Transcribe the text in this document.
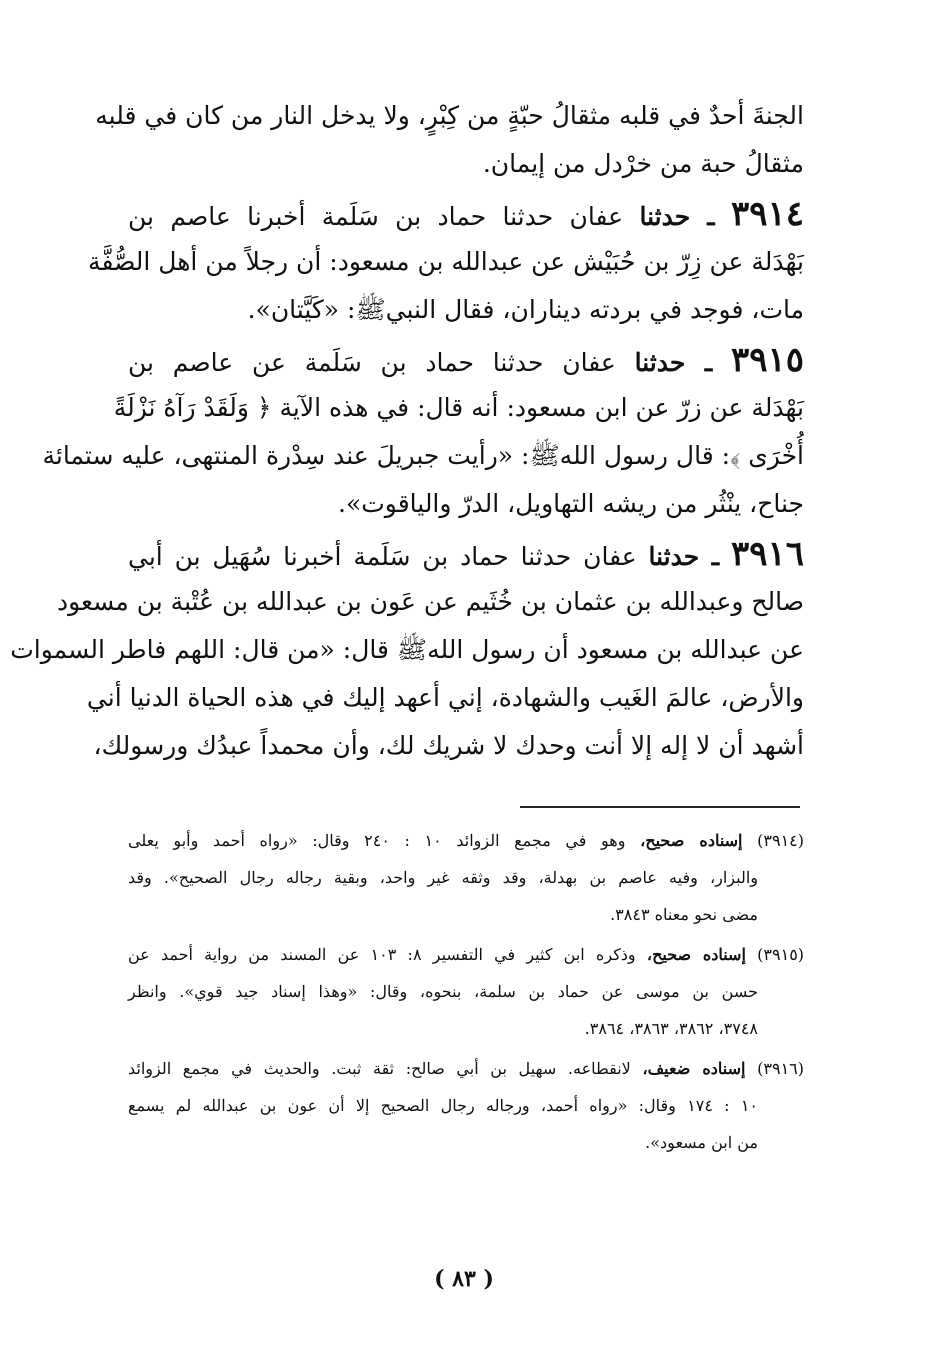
الجنةَ أحدٌ في قلبه مثقالُ حبّةٍ من كِبْرٍ، ولا يدخل النار من كان في قلبه
مثقالُ حبة من خرْدل من إيمان.
٣٩١٤ ـ حدثنا عفان حدثنا حماد بن سَلَمة أخبرنا عاصم بن
بَهْدَلة عن زِرّ بن حُبَيْش عن عبدالله بن مسعود: أن رجلاً من أهل الصُّفَّة
مات، فوجد في بردته ديناران، فقال النبيﷺ: «كَيَّتان».
٣٩١٥ ـ حدثنا عفان حدثنا حماد بن سَلَمة عن عاصم بن
بَهْدَلة عن زرّ عن ابن مسعود: أنه قال: في هذه الآية ﴿ وَلَقَدْ رَآهُ نَزْلَةً
أُخْرَى ﴾: قال رسول اللهﷺ: «رأيت جبريلَ عند سِدْرة المنتهى، عليه ستمائة
جناح، ينْثُر من ريشه التهاويل، الدرّ والياقوت».
٣٩١٦ ـ حدثنا عفان حدثنا حماد بن سَلَمة أخبرنا سُهَيل بن أبي
صالح وعبدالله بن عثمان بن خُثَيم عن عَون بن عبدالله بن عُتْبة بن مسعود
عن عبدالله بن مسعود أن رسول اللهﷺ قال: «من قال: اللهم فاطر السموات
والأرض، عالمَ الغَيب والشهادة، إني أعهد إليك في هذه الحياة الدنيا أني
أشهد أن لا إله إلا أنت وحدك لا شريك لك، وأن محمداً عبدُك ورسولك،
(٣٩١٤) إسناده صحيح، وهو في مجمع الزوائد ١٠ : ٢٤٠ وقال: «رواه أحمد وأبو يعلى
والبزار، وفيه عاصم بن بهدلة، وقد وثقه غير واحد، وبقية رجاله رجال الصحيح». وقد
مضى نحو معناه ٣٨٤٣.
(٣٩١٥) إسناده صحيح، وذكره ابن كثير في التفسير ٨: ١٠٣ عن المسند من رواية أحمد عن
حسن بن موسى عن حماد بن سلمة، بنحوه، وقال: «وهذا إسناد جيد قوي». وانظر
٣٧٤٨، ٣٨٦٢، ٣٨٦٣، ٣٨٦٤.
(٣٩١٦) إسناده ضعيف، لانقطاعه. سهيل بن أبي صالح: ثقة ثبت. والحديث في مجمع الزوائد
١٠ : ١٧٤ وقال: «رواه أحمد، ورجاله رجال الصحيح إلا أن عون بن عبدالله لم يسمع
من ابن مسعود».
( ٨٣ )
